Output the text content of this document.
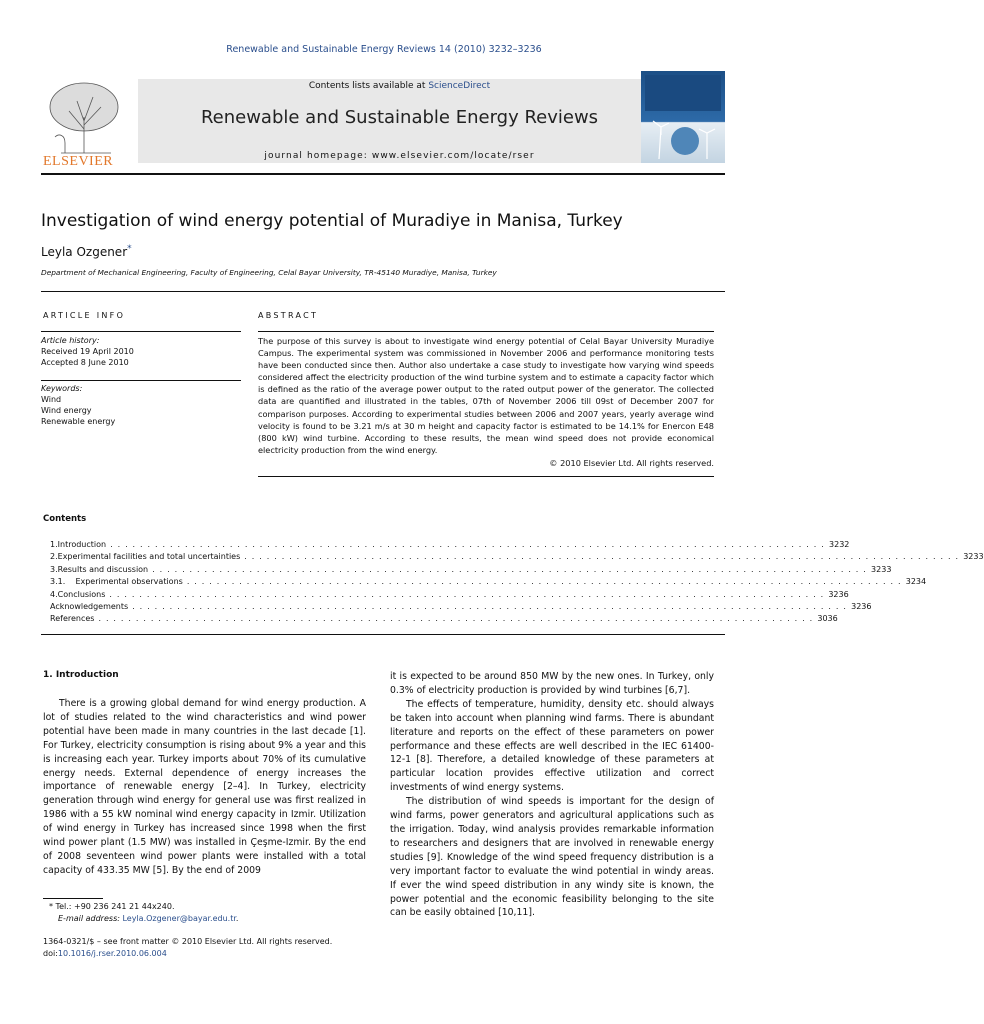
Renewable and Sustainable Energy Reviews 14 (2010) 3232–3236
ELSEVIER
Contents lists available at ScienceDirect
Renewable and Sustainable Energy Reviews
journal homepage: www.elsevier.com/locate/rser
Investigation of wind energy potential of Muradiye in Manisa, Turkey
Leyla Ozgener*
Department of Mechanical Engineering, Faculty of Engineering, Celal Bayar University, TR-45140 Muradiye, Manisa, Turkey
ARTICLE INFO
Article history:
Received 19 April 2010
Accepted 8 June 2010
Keywords:
Wind
Wind energy
Renewable energy
ABSTRACT

The purpose of this survey is about to investigate wind energy potential of Celal Bayar University Muradiye Campus. The experimental system was commissioned in November 2006 and performance monitoring tests have been conducted since then. Author also undertake a case study to investigate how varying wind speeds considered affect the electricity production of the wind turbine system and to estimate a capacity factor which is defined as the ratio of the average power output to the rated output power of the generator. The collected data are quantified and illustrated in the tables, 07th of November 2006 till 09st of December 2007 for comparison purposes. According to experimental studies between 2006 and 2007 years, yearly average wind velocity is found to be 3.21 m/s at 30 m height and capacity factor is estimated to be 14.1% for Enercon E48 (800 kW) wind turbine. According to these results, the mean wind speed does not provide economical electricity production from the wind energy.

© 2010 Elsevier Ltd. All rights reserved.
Contents
1. Introduction . . . . . . . . . . . . . . . . . . . . . . . . . . . . . . . . . . . . . . . . . . . . . . . . . . . . . . . . . . . . . . . . . . . . . . . . . . . . . . . . . . . . . . . . . . . . . . . . 3232
2. Experimental facilities and total uncertainties . . . . . . . . . . . . . . . . . . . . . . . . . . . . . . . . . . . . . . . . . . . . . . . . . . . . . . . . . . . . . . . . . . . . . . . . . . . . . . . . . . . . . . . . . . . . . . . . 3233
3. Results and discussion . . . . . . . . . . . . . . . . . . . . . . . . . . . . . . . . . . . . . . . . . . . . . . . . . . . . . . . . . . . . . . . . . . . . . . . . . . . . . . . . . . . . . . . . . . . . . . . . 3233
3.1.    Experimental observations . . . . . . . . . . . . . . . . . . . . . . . . . . . . . . . . . . . . . . . . . . . . . . . . . . . . . . . . . . . . . . . . . . . . . . . . . . . . . . . . . . . . . . . . . . . . . . . . 3234
4. Conclusions . . . . . . . . . . . . . . . . . . . . . . . . . . . . . . . . . . . . . . . . . . . . . . . . . . . . . . . . . . . . . . . . . . . . . . . . . . . . . . . . . . . . . . . . . . . . . . . . 3236
Acknowledgements . . . . . . . . . . . . . . . . . . . . . . . . . . . . . . . . . . . . . . . . . . . . . . . . . . . . . . . . . . . . . . . . . . . . . . . . . . . . . . . . . . . . . . . . . . . . . . . . 3236
References . . . . . . . . . . . . . . . . . . . . . . . . . . . . . . . . . . . . . . . . . . . . . . . . . . . . . . . . . . . . . . . . . . . . . . . . . . . . . . . . . . . . . . . . . . . . . . . . 3036
1. Introduction

There is a growing global demand for wind energy production. A lot of studies related to the wind characteristics and wind power potential have been made in many countries in the last decade [1]. For Turkey, electricity consumption is rising about 9% a year and this is increasing each year. Turkey imports about 70% of its cumulative energy needs. External dependence of energy increases the importance of renewable energy [2–4]. In Turkey, electricity generation through wind energy for general use was first realized in 1986 with a 55 kW nominal wind energy capacity in Izmir. Utilization of wind energy in Turkey has increased since 1998 when the first wind power plant (1.5 MW) was installed in Çeşme-Izmir. By the end of 2008 seventeen wind power plants were installed with a total capacity of 433.35 MW [5]. By the end of 2009

it is expected to be around 850 MW by the new ones. In Turkey, only 0.3% of electricity production is provided by wind turbines [6,7].

The effects of temperature, humidity, density etc. should always be taken into account when planning wind farms. There is abundant literature and reports on the effect of these parameters on power performance and these effects are well described in the IEC 61400-12-1 [8]. Therefore, a detailed knowledge of these parameters at particular location provides effective utilization and correct investments of wind energy systems.

The distribution of wind speeds is important for the design of wind farms, power generators and agricultural applications such as the irrigation. Today, wind analysis provides remarkable information to researchers and designers that are involved in renewable energy studies [9]. Knowledge of the wind speed frequency distribution is a very important factor to evaluate the wind potential in windy areas. If ever the wind speed distribution in any windy site is known, the power potential and the economic feasibility belonging to the site can be easily obtained [10,11].

* Tel.: +90 236 241 21 44x240.
E-mail address: Leyla.Ozgener@bayar.edu.tr.
1364-0321/$ – see front matter © 2010 Elsevier Ltd. All rights reserved.
doi:10.1016/j.rser.2010.06.004
